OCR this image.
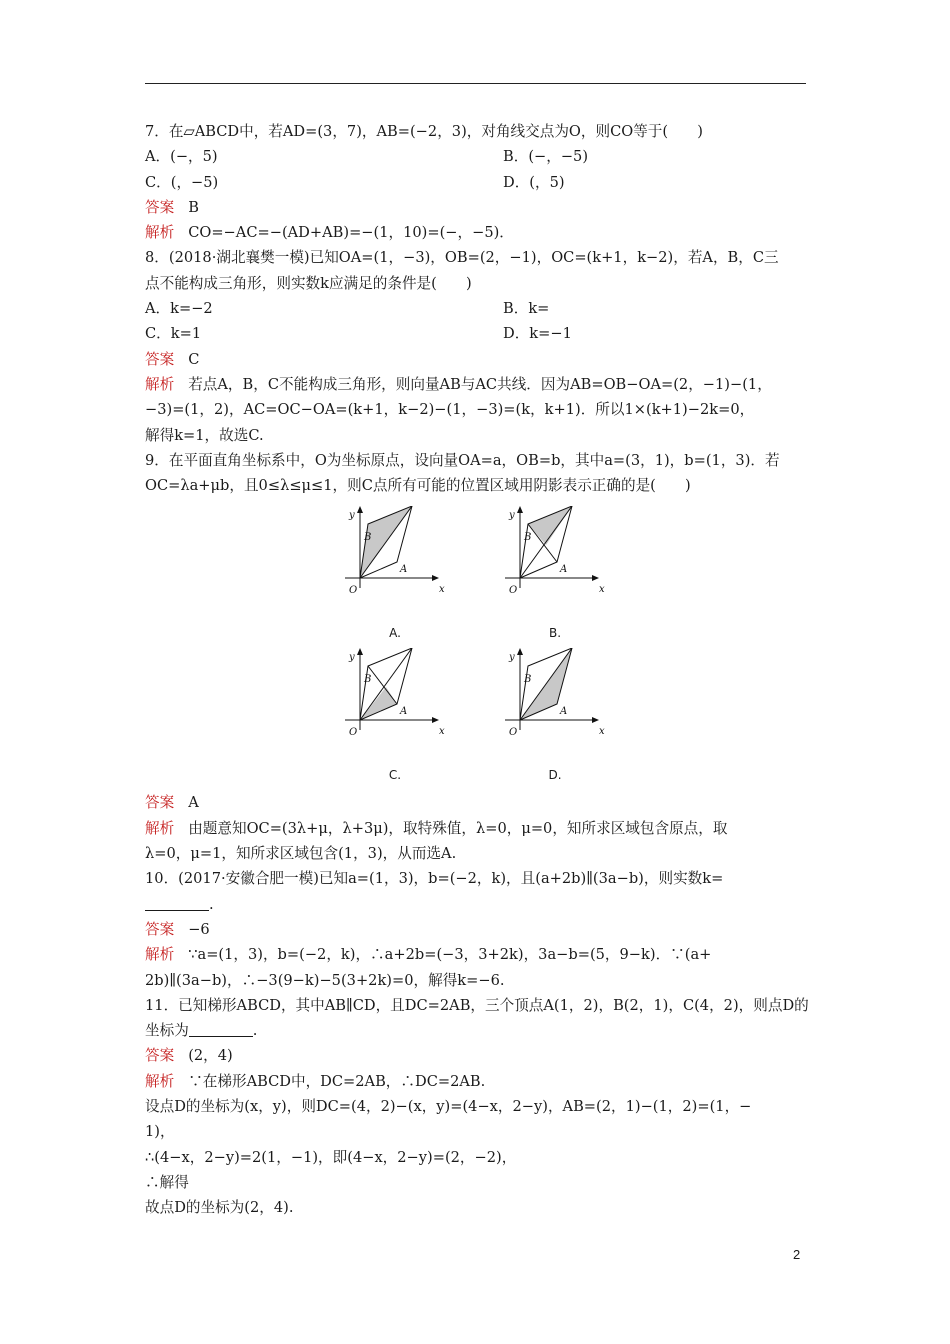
7．在▱ABCD中，若AD=(3，7)，AB=(−2，3)，对角线交点为O，则CO等于(　　)
A．(−，5)	B．(−，−5)
C．(，−5)	D．(，5)
答案 B
解析 CO=−AC=−(AD+AB)=−(1，10)=(−，−5)．
8．(2018·湖北襄樊一模)已知OA=(1，−3)，OB=(2，−1)，OC=(k+1，k−2)，若A，B，C三
点不能构成三角形，则实数k应满足的条件是(　　)
A．k=−2	B．k=
C．k=1	D．k=−1
答案 C
解析 若点A，B，C不能构成三角形，则向量AB与AC共线．因为AB=OB−OA=(2，−1)−(1，
−3)=(1，2)，AC=OC−OA=(k+1，k−2)−(1，−3)=(k，k+1)．所以1×(k+1)−2k=0，
解得k=1，故选C.
9．在平面直角坐标系中，O为坐标原点，设向量OA=a，OB=b，其中a=(3，1)，b=(1，3)．若
OC=λa+μb，且0≤λ≤μ≤1，则C点所有可能的位置区域用阴影表示正确的是(　　)
x
y
B
A
O
A.
x
y
B
A
O
B.
x
y
B
A
O
C.
x
y
B
A
O
D.
答案 A
解析 由题意知OC=(3λ+μ，λ+3μ)，取特殊值，λ=0，μ=0，知所求区域包含原点，取
λ=0，μ=1，知所求区域包含(1，3)，从而选A.
10．(2017·安徽合肥一模)已知a=(1，3)，b=(−2，k)，且(a+2b)∥(3a−b)，则实数k=
.
答案 −6
解析 ∵a=(1，3)，b=(−2，k)，∴a+2b=(−3，3+2k)，3a−b=(5，9−k)．∵(a+
2b)∥(3a−b)，∴−3(9−k)−5(3+2k)=0，解得k=−6.
11．已知梯形ABCD，其中AB∥CD，且DC=2AB，三个顶点A(1，2)，B(2，1)，C(4，2)，则点D的
坐标为	.
答案 (2，4)
解析 ∵在梯形ABCD中，DC=2AB，∴DC=2AB.
设点D的坐标为(x，y)，则DC=(4，2)−(x，y)=(4−x，2−y)，AB=(2，1)−(1，2)=(1，−
1)，
∴(4−x，2−y)=2(1，−1)，即(4−x，2−y)=(2，−2)，
∴解得
故点D的坐标为(2，4).
2
